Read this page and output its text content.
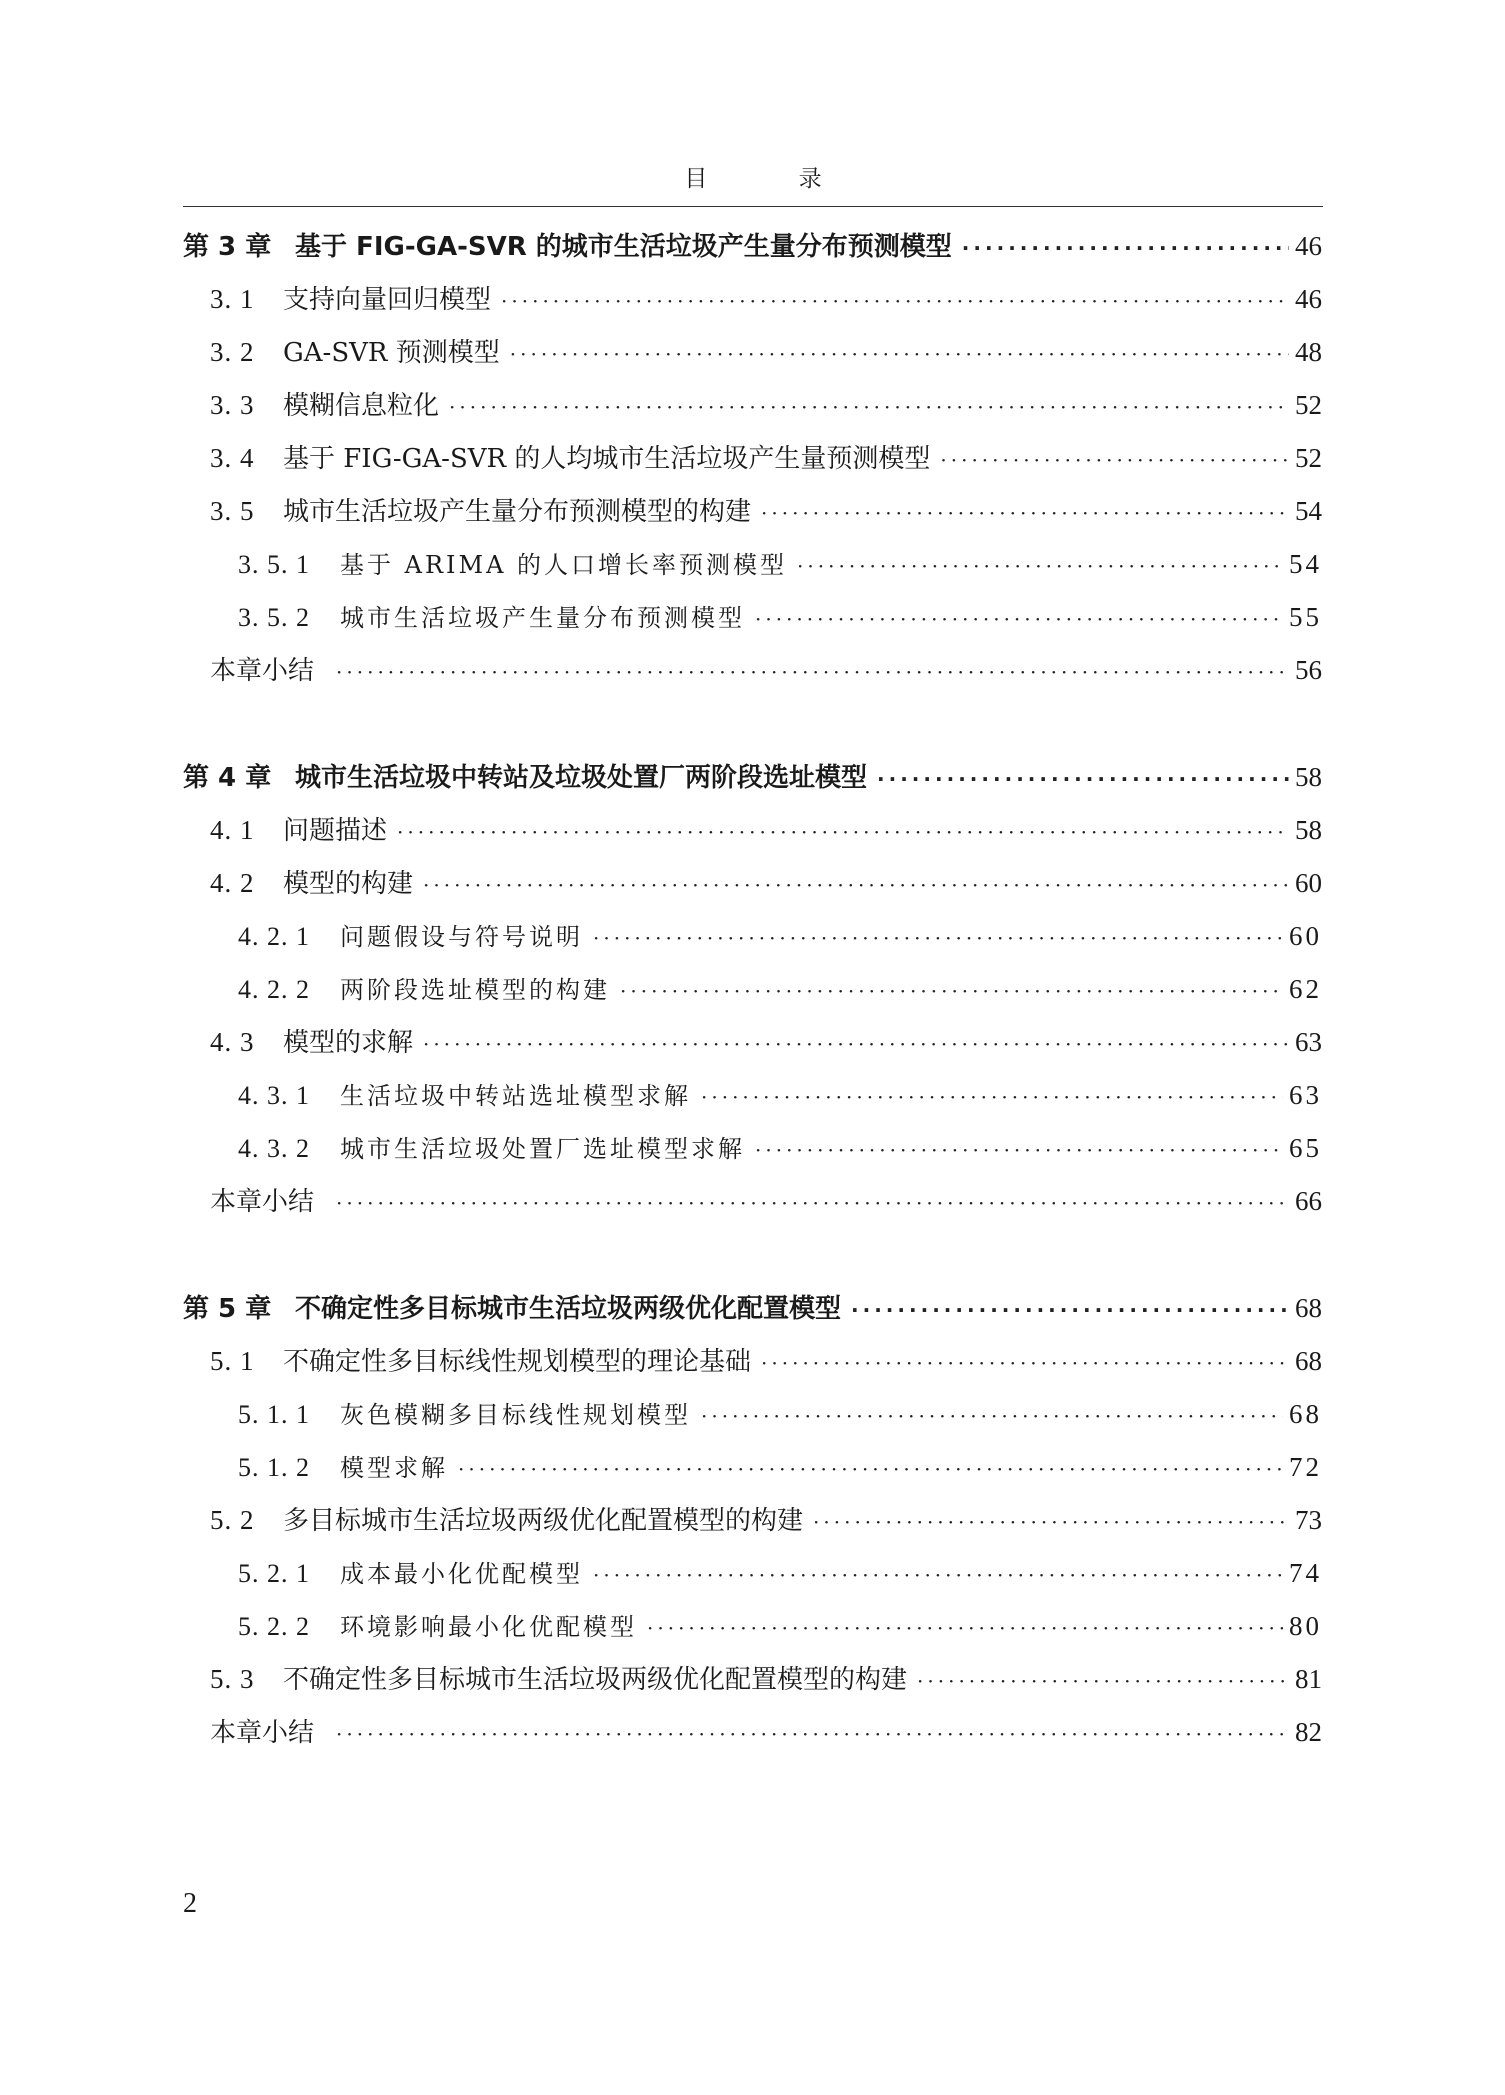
目 录
第 3 章 基于 FIG-GA-SVR 的城市生活垃圾产生量分布预测模型 ·····	46
3. 1	支持向量回归模型 ·····	46
3. 2	GA-SVR 预测模型 ·····	48
3. 3	模糊信息粒化 ·····	52
3. 4	基于 FIG-GA-SVR 的人均城市生活垃圾产生量预测模型 ·····	52
3. 5	城市生活垃圾产生量分布预测模型的构建 ·····	54
3. 5. 1	基于 ARIMA 的人口增长率预测模型 ·····	54
3. 5. 2	城市生活垃圾产生量分布预测模型 ·····	55
本章小结 ·····	56
第 4 章 城市生活垃圾中转站及垃圾处置厂两阶段选址模型 ·····	58
4. 1	问题描述 ·····	58
4. 2	模型的构建 ·····	60
4. 2. 1	问题假设与符号说明 ·····	60
4. 2. 2	两阶段选址模型的构建 ·····	62
4. 3	模型的求解 ·····	63
4. 3. 1	生活垃圾中转站选址模型求解 ·····	63
4. 3. 2	城市生活垃圾处置厂选址模型求解 ·····	65
本章小结 ·····	66
第 5 章 不确定性多目标城市生活垃圾两级优化配置模型 ·····	68
5. 1	不确定性多目标线性规划模型的理论基础 ·····	68
5. 1. 1	灰色模糊多目标线性规划模型 ·····	68
5. 1. 2	模型求解 ·····	72
5. 2	多目标城市生活垃圾两级优化配置模型的构建 ·····	73
5. 2. 1	成本最小化优配模型 ·····	74
5. 2. 2	环境影响最小化优配模型 ·····	80
5. 3	不确定性多目标城市生活垃圾两级优化配置模型的构建 ·····	81
本章小结 ·····	82
2
